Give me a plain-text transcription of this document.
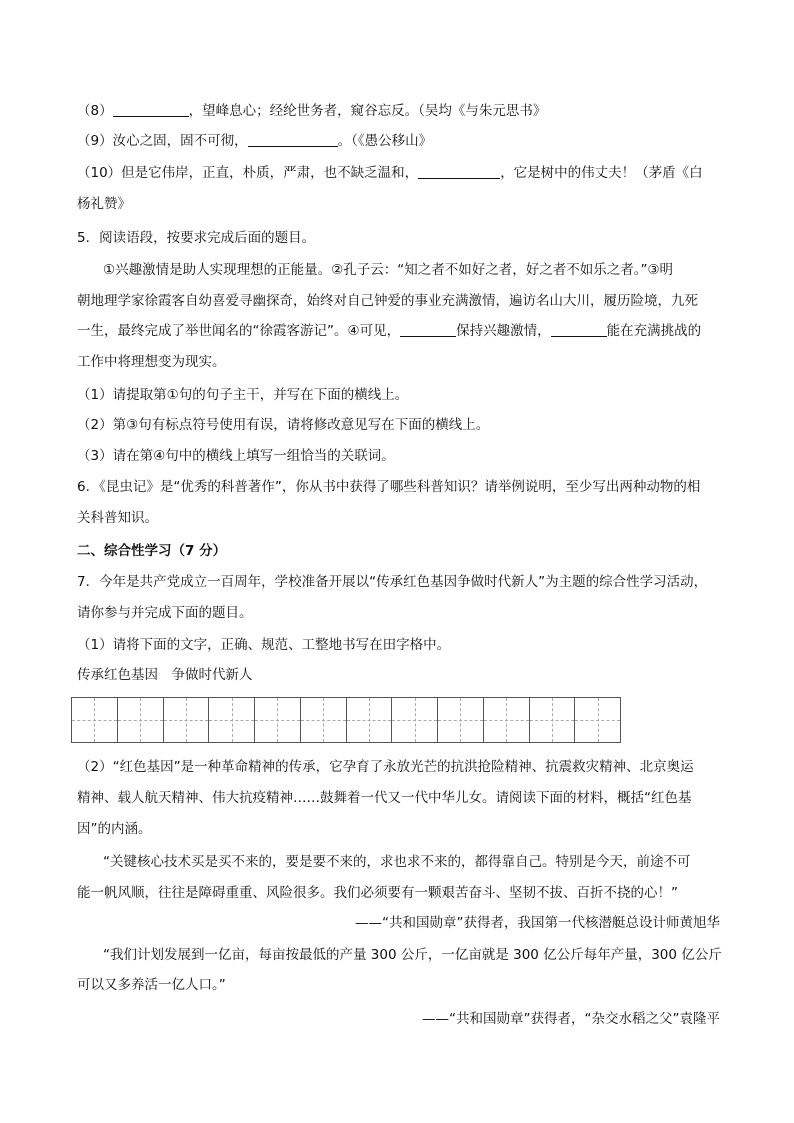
（8）	，望峰息心；经纶世务者，窥谷忘反。（吴均《与朱元思书》
（9）汝心之固，固不可彻，	。（《愚公移山》
（10）但是它伟岸，正直，朴质，严肃，也不缺乏温和，	，它是树中的伟丈夫！（茅盾《白
杨礼赞》
5．阅读语段，按要求完成后面的题目。
①兴趣激情是助人实现理想的正能量。②孔子云：“知之者不如好之者，好之者不如乐之者。”③明
朝地理学家徐霞客自幼喜爱寻幽探奇，始终对自己钟爱的事业充满激情，遍访名山大川，履历险境，九死
一生，最终完成了举世闻名的“徐霞客游记”。④可见，	保持兴趣激情，	能在充满挑战的
工作中将理想变为现实。
（1）请提取第①句的句子主干，并写在下面的横线上。
（2）第③句有标点符号使用有误，请将修改意见写在下面的横线上。
（3）请在第④句中的横线上填写一组恰当的关联词。
6．《昆虫记》是“优秀的科普著作”，你从书中获得了哪些科普知识？请举例说明，至少写出两种动物的相
关科普知识。
二、综合性学习（7 分）
7．今年是共产党成立一百周年，学校准备开展以“传承红色基因争做时代新人”为主题的综合性学习活动，
请你参与并完成下面的题目。
（1）请将下面的文字，正确、规范、工整地书写在田字格中。
传承红色基因　争做时代新人
（2）“红色基因”是一种革命精神的传承，它孕育了永放光芒的抗洪抢险精神、抗震救灾精神、北京奥运
精神、载人航天精神、伟大抗疫精神……鼓舞着一代又一代中华儿女。请阅读下面的材料，概括“红色基
因”的内涵。
“关键核心技术买是买不来的，要是要不来的，求也求不来的，都得靠自己。特别是今天，前途不可
能一帆风顺，往往是障碍重重、风险很多。我们必须要有一颗艰苦奋斗、坚韧不拔、百折不挠的心！”
——“共和国勋章”获得者，我国第一代核潜艇总设计师黄旭华
“我们计划发展到一亿亩，每亩按最低的产量 300 公斤，一亿亩就是 300 亿公斤每年产量，300 亿公斤
可以又多养活一亿人口。”
——“共和国勋章”获得者，“杂交水稻之父”袁隆平
